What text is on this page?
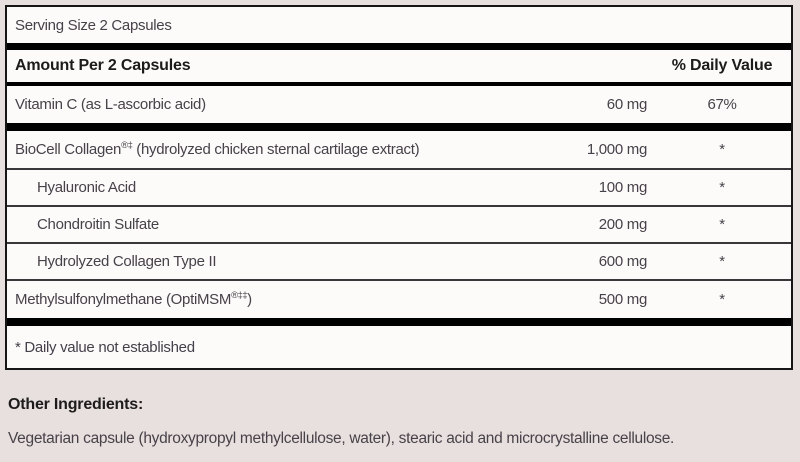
Serving Size 2 Capsules
Amount Per 2 Capsules	% Daily Value
Vitamin C (as L-ascorbic acid)	60 mg	67%
BioCell Collagen®‡ (hydrolyzed chicken sternal cartilage extract)	1,000 mg	*
Hyaluronic Acid	100 mg	*
Chondroitin Sulfate	200 mg	*
Hydrolyzed Collagen Type II	600 mg	*
Methylsulfonylmethane (OptiMSM®‡‡)	500 mg	*
* Daily value not established
Other Ingredients:
Vegetarian capsule (hydroxypropyl methylcellulose, water), stearic acid and microcrystalline cellulose.
